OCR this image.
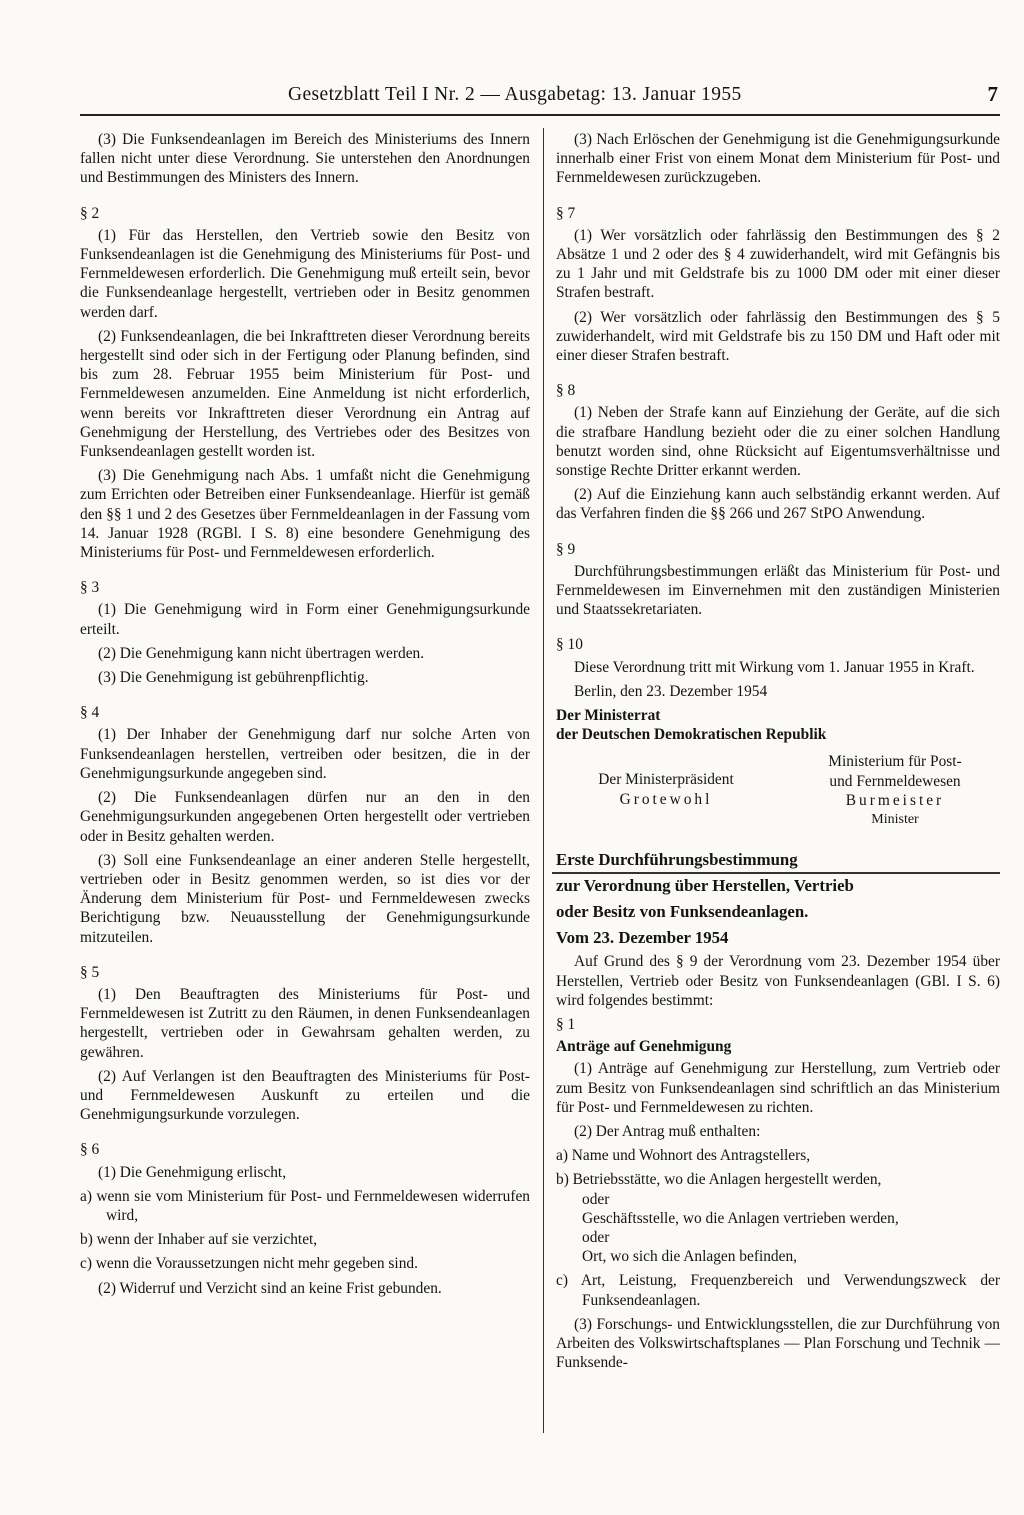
Gesetzblatt Teil I Nr. 2 — Ausgabetag: 13. Januar 1955	7

(3) Die Funksendeanlagen im Bereich des Ministeriums des Innern fallen nicht unter diese Verordnung. Sie unterstehen den Anordnungen und Bestimmungen des Ministers des Innern.

§ 2

(1) Für das Herstellen, den Vertrieb sowie den Besitz von Funksendeanlagen ist die Genehmigung des Ministeriums für Post- und Fernmeldewesen erforderlich. Die Genehmigung muß erteilt sein, bevor die Funksendeanlage hergestellt, vertrieben oder in Besitz genommen werden darf.

(2) Funksendeanlagen, die bei Inkrafttreten dieser Verordnung bereits hergestellt sind oder sich in der Fertigung oder Planung befinden, sind bis zum 28. Februar 1955 beim Ministerium für Post- und Fernmeldewesen anzumelden. Eine Anmeldung ist nicht erforderlich, wenn bereits vor Inkrafttreten dieser Verordnung ein Antrag auf Genehmigung der Herstellung, des Vertriebes oder des Besitzes von Funksendeanlagen gestellt worden ist.

(3) Die Genehmigung nach Abs. 1 umfaßt nicht die Genehmigung zum Errichten oder Betreiben einer Funksendeanlage. Hierfür ist gemäß den §§ 1 und 2 des Gesetzes über Fernmeldeanlagen in der Fassung vom 14. Januar 1928 (RGBl. I S. 8) eine besondere Genehmigung des Ministeriums für Post- und Fernmeldewesen erforderlich.

§ 3

(1) Die Genehmigung wird in Form einer Genehmigungsurkunde erteilt.

(2) Die Genehmigung kann nicht übertragen werden.

(3) Die Genehmigung ist gebührenpflichtig.

§ 4

(1) Der Inhaber der Genehmigung darf nur solche Arten von Funksendeanlagen herstellen, vertreiben oder besitzen, die in der Genehmigungsurkunde angegeben sind.

(2) Die Funksendeanlagen dürfen nur an den in den Genehmigungsurkunden angegebenen Orten hergestellt oder vertrieben oder in Besitz gehalten werden.

(3) Soll eine Funksendeanlage an einer anderen Stelle hergestellt, vertrieben oder in Besitz genommen werden, so ist dies vor der Änderung dem Ministerium für Post- und Fernmeldewesen zwecks Berichtigung bzw. Neuausstellung der Genehmigungsurkunde mitzuteilen.

§ 5

(1) Den Beauftragten des Ministeriums für Post- und Fernmeldewesen ist Zutritt zu den Räumen, in denen Funksendeanlagen hergestellt, vertrieben oder in Gewahrsam gehalten werden, zu gewähren.

(2) Auf Verlangen ist den Beauftragten des Ministeriums für Post- und Fernmeldewesen Auskunft zu erteilen und die Genehmigungsurkunde vorzulegen.

§ 6

(1) Die Genehmigung erlischt,

a) wenn sie vom Ministerium für Post- und Fernmeldewesen widerrufen wird,

b) wenn der Inhaber auf sie verzichtet,

c) wenn die Voraussetzungen nicht mehr gegeben sind.

(2) Widerruf und Verzicht sind an keine Frist gebunden.

(3) Nach Erlöschen der Genehmigung ist die Genehmigungsurkunde innerhalb einer Frist von einem Monat dem Ministerium für Post- und Fernmeldewesen zurückzugeben.

§ 7

(1) Wer vorsätzlich oder fahrlässig den Bestimmungen des § 2 Absätze 1 und 2 oder des § 4 zuwiderhandelt, wird mit Gefängnis bis zu 1 Jahr und mit Geldstrafe bis zu 1000 DM oder mit einer dieser Strafen bestraft.

(2) Wer vorsätzlich oder fahrlässig den Bestimmungen des § 5 zuwiderhandelt, wird mit Geldstrafe bis zu 150 DM und Haft oder mit einer dieser Strafen bestraft.

§ 8

(1) Neben der Strafe kann auf Einziehung der Geräte, auf die sich die strafbare Handlung bezieht oder die zu einer solchen Handlung benutzt worden sind, ohne Rücksicht auf Eigentumsverhältnisse und sonstige Rechte Dritter erkannt werden.

(2) Auf die Einziehung kann auch selbständig erkannt werden. Auf das Verfahren finden die §§ 266 und 267 StPO Anwendung.

§ 9

Durchführungsbestimmungen erläßt das Ministerium für Post- und Fernmeldewesen im Einvernehmen mit den zuständigen Ministerien und Staatssekretariaten.

§ 10

Diese Verordnung tritt mit Wirkung vom 1. Januar 1955 in Kraft.

Berlin, den 23. Dezember 1954

Der Ministerrat

der Deutschen Demokratischen Republik

Der Ministerpräsident
Grotewohl
Ministerium für Post-
und Fernmeldewesen
Burmeister
Minister

Erste Durchführungsbestimmung

zur Verordnung über Herstellen, Vertrieb

oder Besitz von Funksendeanlagen.

Vom 23. Dezember 1954

Auf Grund des § 9 der Verordnung vom 23. Dezember 1954 über Herstellen, Vertrieb oder Besitz von Funksendeanlagen (GBl. I S. 6) wird folgendes bestimmt:

§ 1

Anträge auf Genehmigung

(1) Anträge auf Genehmigung zur Herstellung, zum Vertrieb oder zum Besitz von Funksendeanlagen sind schriftlich an das Ministerium für Post- und Fernmeldewesen zu richten.

(2) Der Antrag muß enthalten:

a) Name und Wohnort des Antragstellers,

b) Betriebsstätte, wo die Anlagen hergestellt werden,

oder

Geschäftsstelle, wo die Anlagen vertrieben werden,

oder

Ort, wo sich die Anlagen befinden,

c) Art, Leistung, Frequenzbereich und Verwendungszweck der Funksendeanlagen.

(3) Forschungs- und Entwicklungsstellen, die zur Durchführung von Arbeiten des Volkswirtschaftsplanes — Plan Forschung und Technik — Funksende-
